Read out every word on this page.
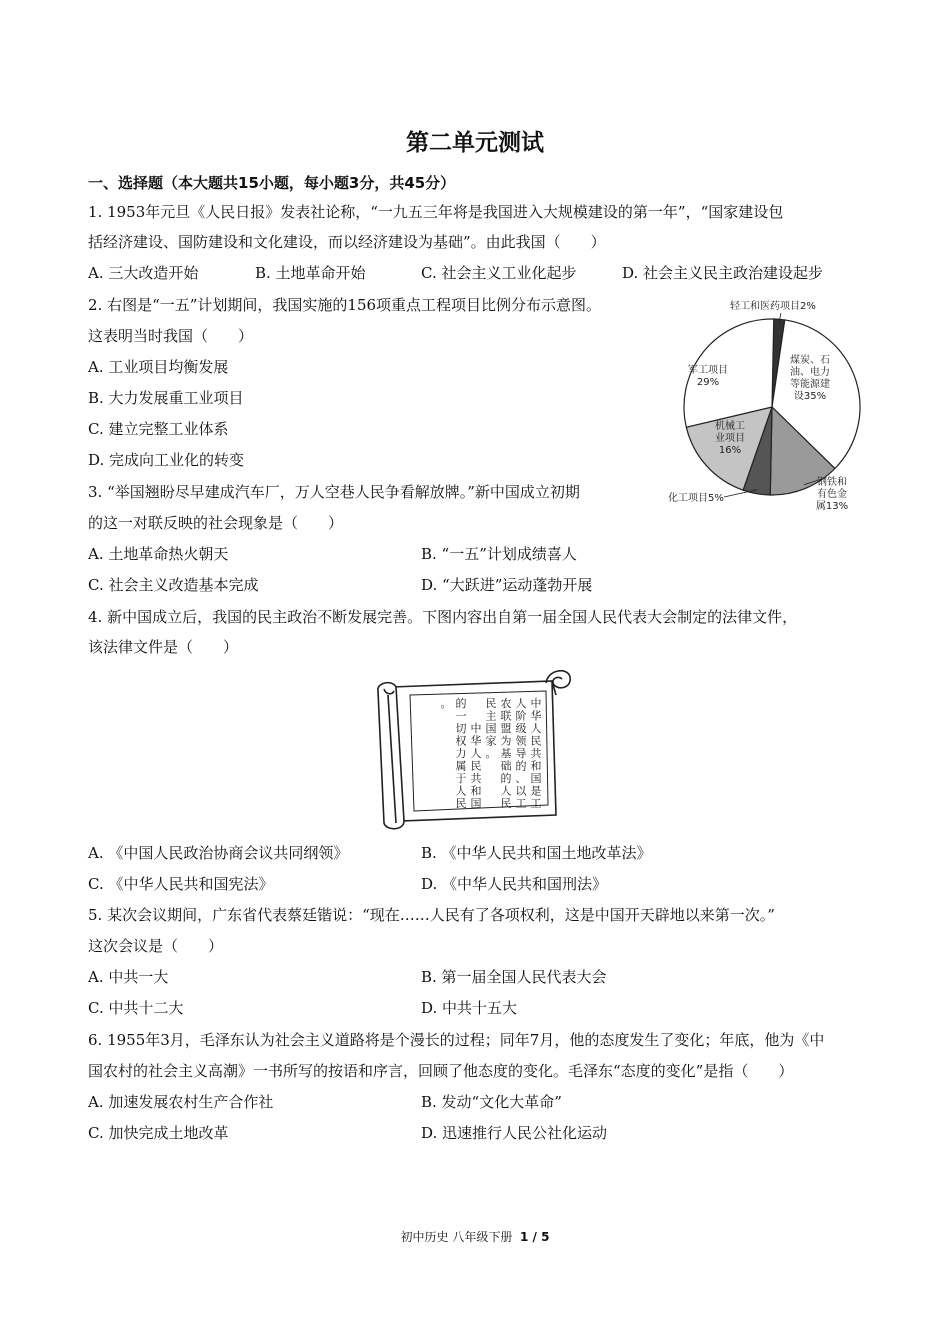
第二单元测试
一、选择题（本大题共15小题，每小题3分，共45分）
1. 1953年元旦《人民日报》发表社论称，“一九五三年将是我国进入大规模建设的第一年”，“国家建设包
括经济建设、国防建设和文化建设，而以经济建设为基础”。由此我国（　　）
A. 三大改造开始	B. 土地革命开始	C. 社会主义工业化起步	D. 社会主义民主政治建设起步
2. 右图是“一五”计划期间，我国实施的156项重点工程项目比例分布示意图。
这表明当时我国（　　）
A. 工业项目均衡发展
B. 大力发展重工业项目
C. 建立完整工业体系
D. 完成向工业化的转变
轻工和医药项目2%
煤炭、石油、电力等能源建设35%
钢铁和有色金属13%
化工项目5%
机械工业项目 16%
军工项目 29%
3. “举国翘盼尽早建成汽车厂，万人空巷人民争看解放牌。”新中国成立初期
的这一对联反映的社会现象是（　　）
A. 土地革命热火朝天	B. “一五”计划成绩喜人
C. 社会主义改造基本完成	D. “大跃进”运动蓬勃开展
4. 新中国成立后，我国的民主政治不断发展完善。下图内容出自第一届全国人民代表大会制定的法律文件，
该法律文件是（　　）
中华人民共和国是工
人阶级领导的、以工
农联盟为基础的人民
民主国家。
中华人民共和国
的一切权力属于人民
。
A. 《中国人民政治协商会议共同纲领》	B. 《中华人民共和国土地改革法》
C. 《中华人民共和国宪法》	D. 《中华人民共和国刑法》
5. 某次会议期间，广东省代表蔡廷锴说：“现在……人民有了各项权利，这是中国开天辟地以来第一次。”
这次会议是（　　）
A. 中共一大	B. 第一届全国人民代表大会
C. 中共十二大	D. 中共十五大
6. 1955年3月，毛泽东认为社会主义道路将是个漫长的过程；同年7月，他的态度发生了变化；年底，他为《中
国农村的社会主义高潮》一书所写的按语和序言，回顾了他态度的变化。毛泽东“态度的变化”是指（　　）
A. 加速发展农村生产合作社	B. 发动“文化大革命”
C. 加快完成土地改革	D. 迅速推行人民公社化运动
初中历史 八年级下册 1 / 5
